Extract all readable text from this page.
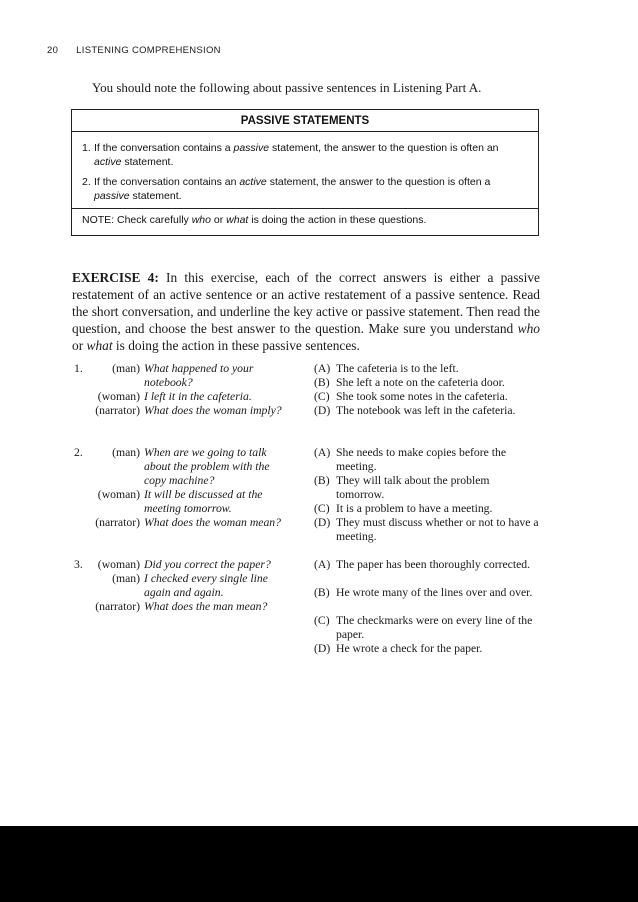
20 LISTENING COMPREHENSION
You should note the following about passive sentences in Listening Part A.
PASSIVE STATEMENTS
1. If the conversation contains a passive statement, the answer to the question is often an active statement.
2. If the conversation contains an active statement, the answer to the question is often a passive statement.
NOTE: Check carefully who or what is doing the action in these questions.
EXERCISE 4: In this exercise, each of the correct answers is either a passive restatement of an active sentence or an active restatement of a passive sentence. Read the short conversation, and underline the key active or passive statement. Then read the question, and choose the best answer to the question. Make sure you understand who or what is doing the action in these passive sentences.
1.	(man) What happened to your notebook?
(woman) I left it in the cafeteria.
(narrator) What does the woman imply?
(A) The cafeteria is to the left.
(B) She left a note on the cafeteria door.
(C) She took some notes in the cafeteria.
(D) The notebook was left in the cafeteria.
2.	(man) When are we going to talk about the problem with the copy machine?
(woman) It will be discussed at the meeting tomorrow.
(narrator) What does the woman mean?
(A) She needs to make copies before the meeting.
(B) They will talk about the problem tomorrow.
(C) It is a problem to have a meeting.
(D) They must discuss whether or not to have a meeting.
3.	(woman) Did you correct the paper?
(man) I checked every single line again and again.
(narrator) What does the man mean?
(A) The paper has been thoroughly corrected.
(B) He wrote many of the lines over and over.
(C) The checkmarks were on every line of the paper.
(D) He wrote a check for the paper.
